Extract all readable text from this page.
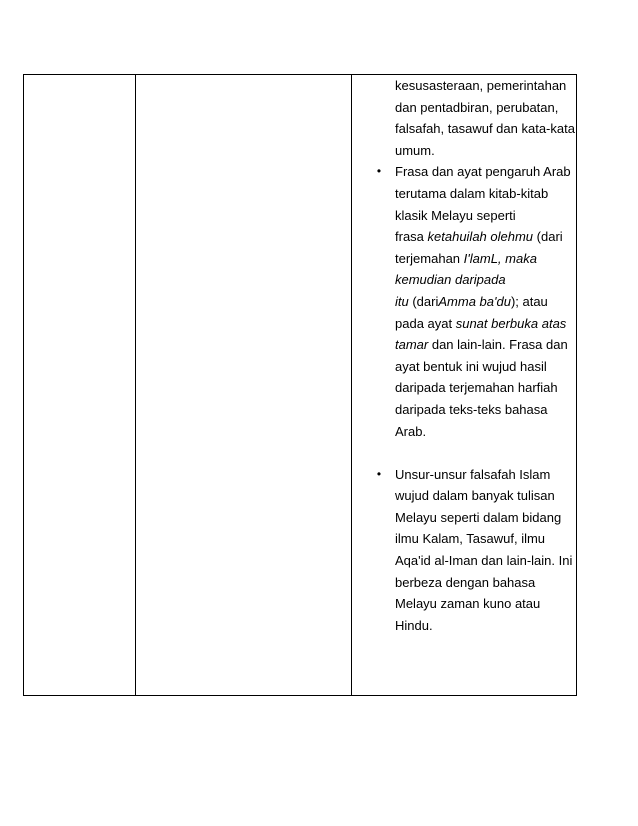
kesusasteraan, pemerintahan
dan pentadbiran, perubatan,
falsafah, tasawuf dan kata-kata
umum.
• Frasa dan ayat pengaruh Arab
terutama dalam kitab-kitab
klasik Melayu seperti
frasa ketahuilah olehmu (dari
terjemahan I'lamL, maka
kemudian daripada
itu (dariAmma ba'du); atau
pada ayat sunat berbuka atas
tamar dan lain-lain. Frasa dan
ayat bentuk ini wujud hasil
daripada terjemahan harfiah
daripada teks-teks bahasa
Arab.
• Unsur-unsur falsafah Islam
wujud dalam banyak tulisan
Melayu seperti dalam bidang
ilmu Kalam, Tasawuf, ilmu
Aqa'id al-Iman dan lain-lain. Ini
berbeza dengan bahasa
Melayu zaman kuno atau
Hindu.
